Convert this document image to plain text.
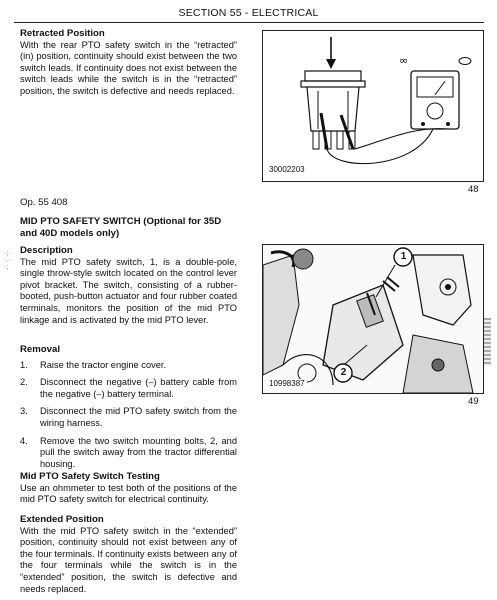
SECTION 55 - ELECTRICAL
Retracted Position

With the rear PTO safety switch in the “retracted” (in) position, continuity should exist between the two switch leads. If continuity does not exist between the switch leads while the switch is in the “retracted” position, the switch is defective and needs replaced.

∞
30002203
48
Op. 55 408
MID PTO SAFETY SWITCH (Optional for 35D and 40D models only)
Description

The mid PTO safety switch, 1, is a double-pole, single throw-style switch located on the control lever pivot bracket. The switch, consisting of a rubber-booted, push-button actuator and four rubber coated terminals, monitors the position of the mid PTO linkage and is activated by the mid PTO lever.

·;·
·.·
·;
10998387
1
2
49
Removal
1. Raise the tractor engine cover.
2. Disconnect the negative (–) battery cable from the negative (–) battery terminal.
3. Disconnect the mid PTO safety switch from the wiring harness.
4. Remove the two switch mounting bolts, 2, and pull the switch away from the tractor differential housing.
Mid PTO Safety Switch Testing

Use an ohmmeter to test both of the positions of the mid PTO safety switch for electrical continuity.

Extended Position

With the mid PTO safety switch in the “extended” position, continuity should not exist between any of the four terminals. If continuity exists between any of the four terminals while the switch is in the “extended” position, the switch is defective and needs replaced.
